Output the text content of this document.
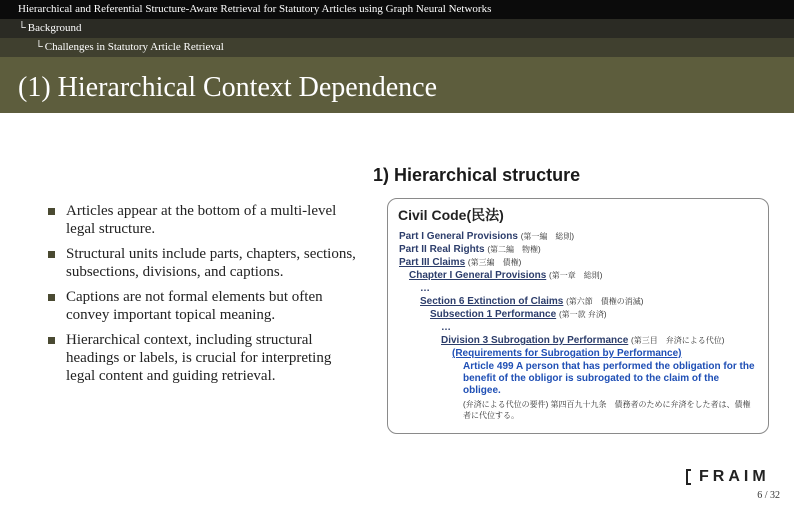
Hierarchical and Referential Structure-Aware Retrieval for Statutory Articles using Graph Neural Networks
└ Background
└ Challenges in Statutory Article Retrieval
(1) Hierarchical Context Dependence
Articles appear at the bottom of a multi-level legal structure.
Structural units include parts, chapters, sections, subsections, divisions, and captions.
Captions are not formal elements but often convey important topical meaning.
Hierarchical context, including structural headings or labels, is crucial for interpreting legal content and guiding retrieval.
1) Hierarchical structure
Civil Code(民法)
Part I General Provisions (第一編　総則)
Part II Real Rights (第二編　物権)
Part III Claims (第三編　債権)
Chapter I General Provisions (第一章　総則)
…
Section 6 Extinction of Claims (第六節　債権の消滅)
Subsection 1 Performance (第一款 弁済)
…
Division 3 Subrogation by Performance (第三目　弁済による代位)
(Requirements for Subrogation by Performance)
Article 499 A person that has performed the obligation for the benefit of the obligor is subrogated to the claim of the obligee.
(弁済による代位の要件) 第四百九十九条　債務者のために弁済をした者は、債権者に代位する。
FRAIM
6 / 32
